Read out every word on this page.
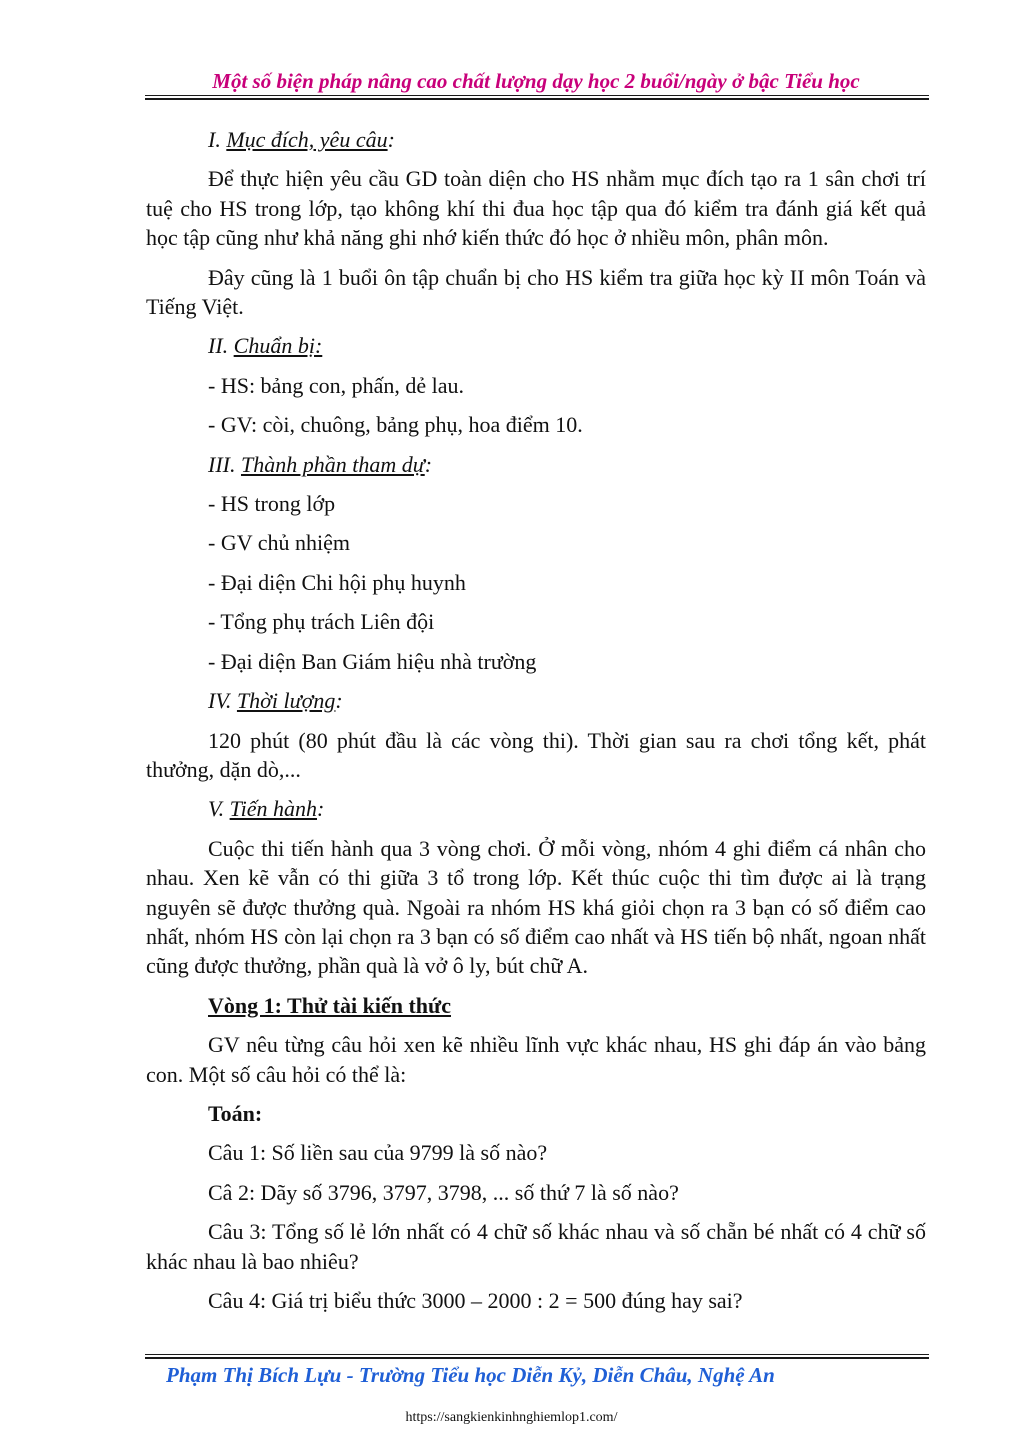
Một số biện pháp nâng cao chất lượng dạy học 2 buổi/ngày ở bậc Tiểu học

I. Mục đích, yêu câu:

Để thực hiện yêu cầu GD toàn diện cho HS nhằm mục đích tạo ra 1 sân chơi trí tuệ cho HS trong lớp, tạo không khí thi đua học tập qua đó kiểm tra đánh giá kết quả học tập cũng như khả năng ghi nhớ kiến thức đó học ở nhiều môn, phân môn.

Đây cũng là 1 buổi ôn tập chuẩn bị cho HS kiểm tra giữa học kỳ II môn Toán và Tiếng Việt.

II. Chuẩn bị:

- HS: bảng con, phấn, dẻ lau.

- GV: còi, chuông, bảng phụ, hoa điểm 10.

III. Thành phần tham dự:

- HS trong lớp

- GV chủ nhiệm

- Đại diện Chi hội phụ huynh

- Tổng phụ trách Liên đội

- Đại diện Ban Giám hiệu nhà trường

IV. Thời lượng:

120 phút (80 phút đầu là các vòng thi). Thời gian sau ra chơi tổng kết, phát thưởng, dặn dò,...

V. Tiến hành:

Cuộc thi tiến hành qua 3 vòng chơi. Ở mỗi vòng, nhóm 4 ghi điểm cá nhân cho nhau. Xen kẽ vẫn có thi giữa 3 tổ trong lớp. Kết thúc cuộc thi tìm được ai là trạng nguyên sẽ được thưởng quà. Ngoài ra nhóm HS khá giỏi chọn ra 3 bạn có số điểm cao nhất, nhóm HS còn lại chọn ra 3 bạn có số điểm cao nhất và HS tiến bộ nhất, ngoan nhất cũng được thưởng, phần quà là vở ô ly, bút chữ A.

Vòng 1: Thử tài kiến thức

GV nêu từng câu hỏi xen kẽ nhiều lĩnh vực khác nhau, HS ghi đáp án vào bảng con. Một số câu hỏi có thể là:

Toán:

Câu 1: Số liền sau của 9799 là số nào?

Câ 2: Dãy số 3796, 3797, 3798, ... số thứ 7 là số nào?

Câu 3: Tổng số lẻ lớn nhất có 4 chữ số khác nhau và số chẵn bé nhất có 4 chữ số khác nhau là bao nhiêu?

Câu 4: Giá trị biểu thức 3000 – 2000 : 2 = 500 đúng hay sai?

Phạm Thị Bích Lựu - Trường Tiểu học Diễn Kỷ, Diễn Châu, Nghệ An
https://sangkienkinhnghiemlop1.com/
